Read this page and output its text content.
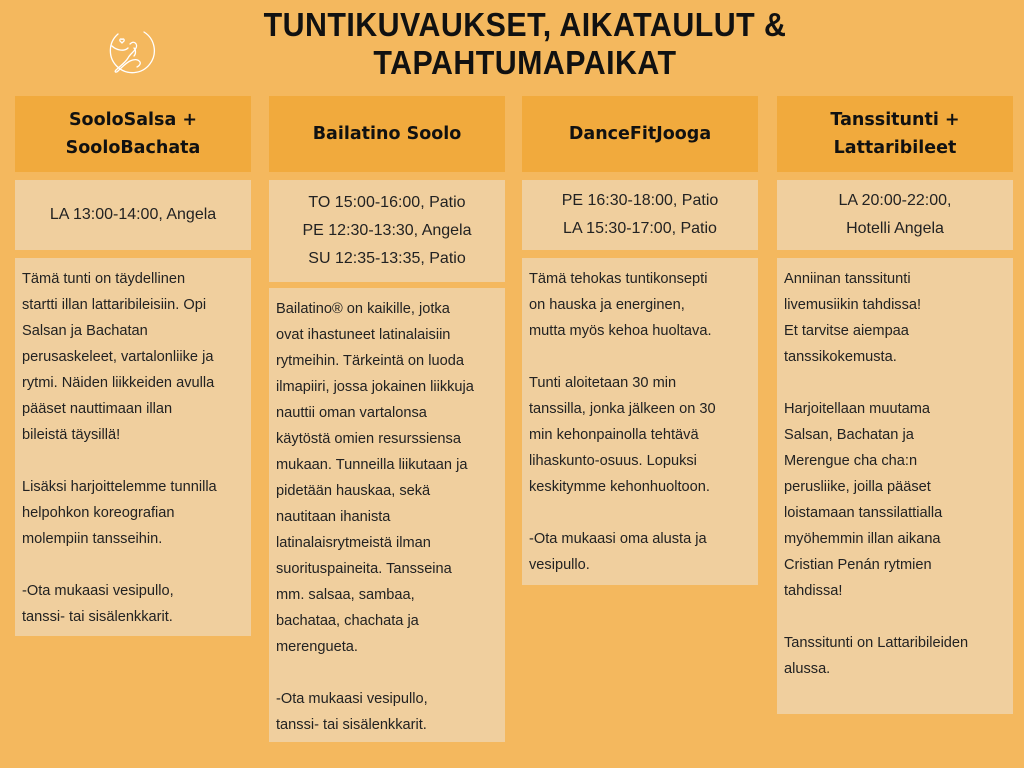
TUNTIKUVAUKSET, AIKATAULUT &
TAPAHTUMAPAIKAT
SooloSalsa +
SooloBachata
LA 13:00-14:00, Angela

Tämä tunti on täydellinen
startti illan lattaribileisiin. Opi
Salsan ja Bachatan
perusaskeleet, vartalonliike ja
rytmi. Näiden liikkeiden avulla
pääset nauttimaan illan
bileistä täysillä!

Lisäksi harjoittelemme tunnilla
helpohkon koreografian
molempiin tansseihin.

-Ota mukaasi vesipullo,
tanssi- tai sisälenkkarit.

Bailatino Soolo
TO 15:00-16:00, Patio
PE 12:30-13:30, Angela
SU 12:35-13:35, Patio

Bailatino® on kaikille, jotka
ovat ihastuneet latinalaisiin
rytmeihin. Tärkeintä on luoda
ilmapiiri, jossa jokainen liikkuja
nauttii oman vartalonsa
käytöstä omien resurssiensa
mukaan. Tunneilla liikutaan ja
pidetään hauskaa, sekä
nautitaan ihanista
latinalaisrytmeistä ilman
suorituspaineita. Tansseina
mm. salsaa, sambaa,
bachataa, chachata ja
merengueta.

-Ota mukaasi vesipullo,
tanssi- tai sisälenkkarit.

DanceFitJooga
PE 16:30-18:00, Patio
LA 15:30-17:00, Patio

Tämä tehokas tuntikonsepti
on hauska ja energinen,
mutta myös kehoa huoltava.

Tunti aloitetaan 30 min
tanssilla, jonka jälkeen on 30
min kehonpainolla tehtävä
lihaskunto-osuus. Lopuksi
keskitymme kehonhuoltoon.

-Ota mukaasi oma alusta ja
vesipullo.

Tanssitunti +
Lattaribileet
LA 20:00-22:00,
Hotelli Angela

Anniinan tanssitunti
livemusiikin tahdissa!
Et tarvitse aiempaa
tanssikokemusta.

Harjoitellaan muutama
Salsan, Bachatan ja
Merengue cha cha:n
perusliike, joilla pääset
loistamaan tanssilattialla
myöhemmin illan aikana
Cristian Penán rytmien
tahdissa!

Tanssitunti on Lattaribileiden
alussa.
